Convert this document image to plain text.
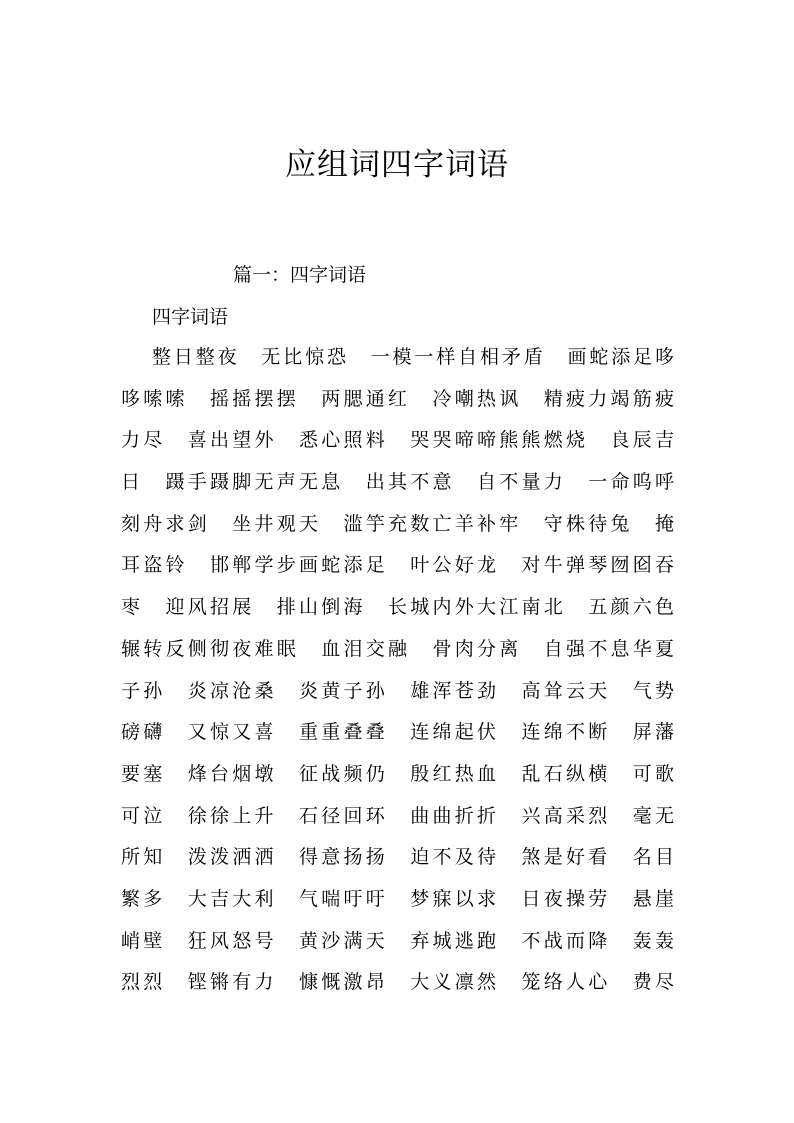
应组词四字词语
篇一：四字词语
四字词语
整日整夜　无比惊恐　一模一样自相矛盾　画蛇添足哆
哆嗦嗦　摇摇摆摆　两腮通红　冷嘲热讽　精疲力竭筋疲
力尽　喜出望外　悉心照料　哭哭啼啼熊熊燃烧　良辰吉
日　蹑手蹑脚无声无息　出其不意　自不量力　一命呜呼
刻舟求剑　坐井观天　滥竽充数亡羊补牢　守株待兔　掩
耳盗铃　邯郸学步画蛇添足　叶公好龙　对牛弹琴囫囵吞
枣　迎风招展　排山倒海　长城内外大江南北　五颜六色
辗转反侧彻夜难眠　血泪交融　骨肉分离　自强不息华夏
子孙　炎凉沧桑　炎黄子孙　雄浑苍劲　高耸云天　气势
磅礴　又惊又喜　重重叠叠　连绵起伏　连绵不断　屏藩
要塞　烽台烟墩　征战频仍　殷红热血　乱石纵横　可歌
可泣　徐徐上升　石径回环　曲曲折折　兴高采烈　毫无
所知　泼泼洒洒　得意扬扬　迫不及待　煞是好看　名目
繁多　大吉大利　气喘吁吁　梦寐以求　日夜操劳　悬崖
峭壁　狂风怒号　黄沙满天　弃城逃跑　不战而降　轰轰
烈烈　铿锵有力　慷慨激昂　大义凛然　笼络人心　费尽
